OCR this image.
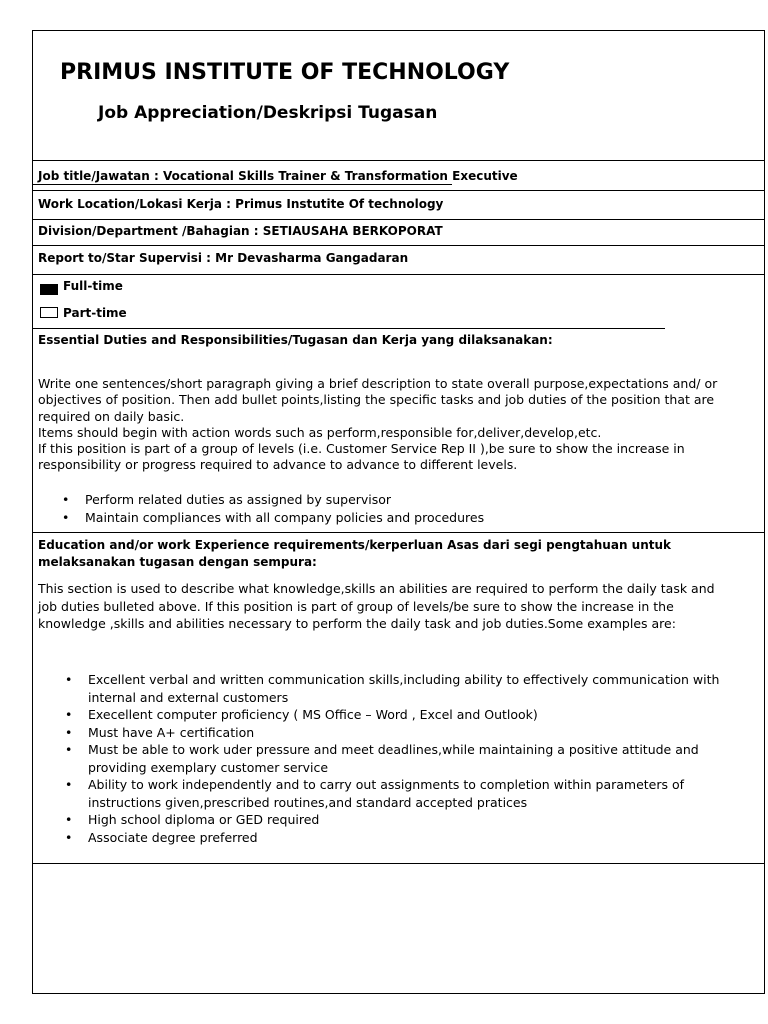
PRIMUS INSTITUTE OF TECHNOLOGY
Job Appreciation/Deskripsi Tugasan
Job title/Jawatan : Vocational Skills Trainer & Transformation Executive
Work Location/Lokasi Kerja : Primus Instutite Of technology
Division/Department /Bahagian : SETIAUSAHA BERKOPORAT
Report to/Star Supervisi : Mr Devasharma Gangadaran
Full-time
Part-time
Essential Duties and Responsibilities/Tugasan dan Kerja yang dilaksanakan:

Write one sentences/short paragraph giving a brief description to state overall purpose,expectations and/ or objectives of position. Then add bullet points,listing the specific tasks and job duties of the position that are required on daily basic.

Items should begin with action words such as perform,responsible for,deliver,develop,etc.

If this position is part of a group of levels (i.e. Customer Service Rep II ),be sure to show the increase in responsibility or progress required to advance to advance to different levels.

• Perform related duties as assigned by supervisor
• Maintain compliances with all company policies and procedures
Education and/or work Experience requirements/kerperluan Asas dari segi pengtahuan untuk melaksanakan tugasan dengan sempura:
This section is used to describe what knowledge,skills an abilities are required to perform the daily task and job duties bulleted above. If this position is part of group of levels/be sure to show the increase in the knowledge ,skills and abilities necessary to perform the daily task and job duties.Some examples are:
• Excellent verbal and written communication skills,including ability to effectively communication with internal and external customers
• Execellent computer proficiency ( MS Office – Word , Excel and Outlook)
• Must have A+ certification
• Must be able to work uder pressure and meet deadlines,while maintaining a positive attitude and providing exemplary customer service
• Ability to work independently and to carry out assignments to completion within parameters of instructions given,prescribed routines,and standard accepted pratices
• High school diploma or GED required
• Associate degree preferred
